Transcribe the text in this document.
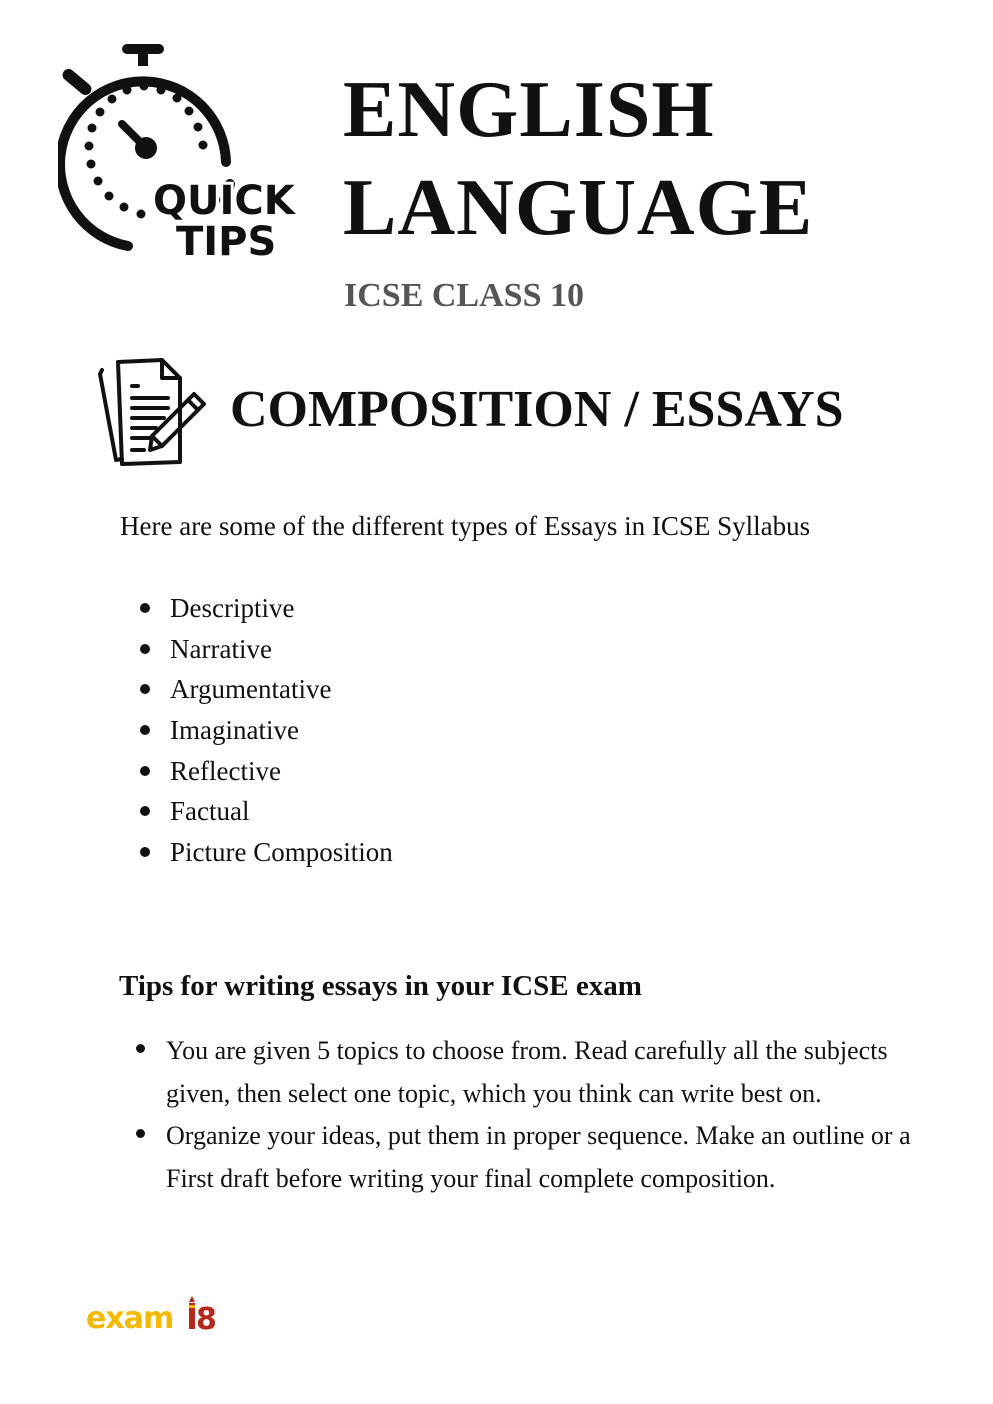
QUICK
TIPS
ENGLISH
LANGUAGE
ICSE CLASS 10
COMPOSITION / ESSAYS
Here are some of the different types of Essays in ICSE Syllabus
Descriptive
Narrative
Argumentative
Imaginative
Reflective
Factual
Picture Composition
Tips for writing essays in your ICSE exam
You are given 5 topics to choose from. Read carefully all the subjects given, then select one topic, which you think can write best on.
Organize your ideas, put them in proper sequence. Make an outline or a First draft before writing your final complete composition.
exam 8
